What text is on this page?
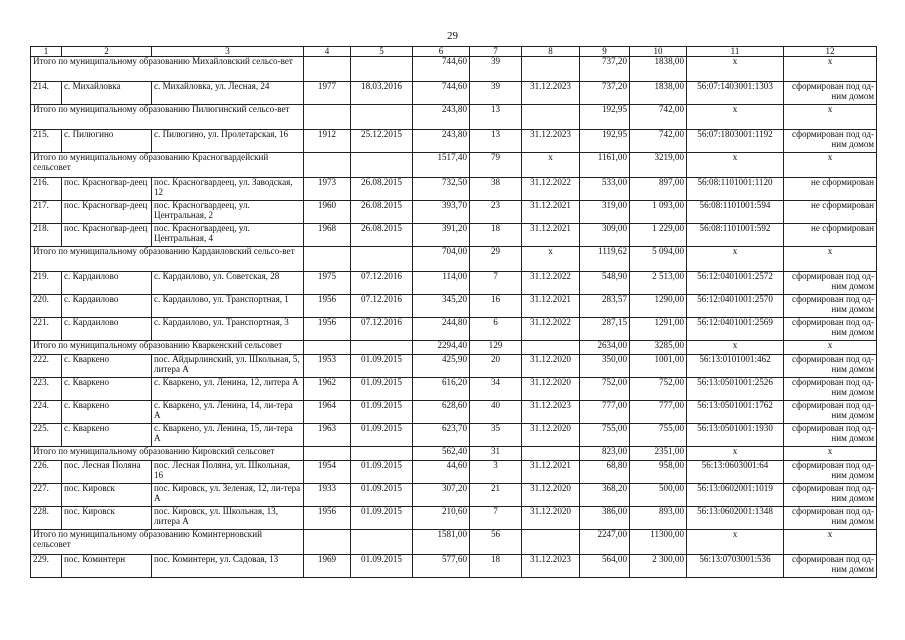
29
1	2	3	4	5	6	7	8	9	10	11	12
Итого по муниципальному образованию Михайловский сельсо-вет					744,60	39		737,20	1838,00	x	x
214.	с. Михайловка	с. Михайловка, ул. Лесная, 24	1977	18.03.2016	744,60	39	31.12.2023	737,20	1838,00	56:07:1403001:1303	сформирован под од-ним домом
Итого по муниципальному образованию Пилюгинский сельсо-вет					243,80	13		192,95	742,00	x	x
215.	с. Пилюгино	с. Пилюгино, ул. Пролетарская, 16	1912	25.12.2015	243,80	13	31.12.2023	192,95	742,00	56:07:1803001:1192	сформирован под од-ним домом
Итого по муниципальному образованию Красногвардейский сельсовет					1517,40	79	x	1161,00	3219,00	x	x
216.	пос. Красногвар-деец	пос. Красногвардеец, ул. Заводская, 12	1973	26.08.2015	732,50	38	31.12.2022	533,00	897,00	56:08:1101001:1120	не сформирован
217.	пос. Красногвар-деец	пос. Красногвардеец, ул. Центральная, 2	1960	26.08.2015	393,70	23	31.12.2021	319,00	1 093,00	56:08:1101001:594	не сформирован
218.	пос. Красногвар-деец	пос. Красногвардеец, ул. Центральная, 4	1968	26.08.2015	391,20	18	31.12.2021	309,00	1 229,00	56:08:1101001:592	не сформирован
Итого по муниципальному образованию Кардаиловский сельсо-вет					704,00	29	x	1119,62	5 094,00	x	x
219.	с. Кардаилово	с. Кардаилово, ул. Советская, 28	1975	07.12.2016	114,00	7	31.12.2022	548,90	2 513,00	56:12:0401001:2572	сформирован под од-ним домом
220.	с. Кардаилово	с. Кардаилово, ул. Транспортная, 1	1956	07.12.2016	345,20	16	31.12.2021	283,57	1290,00	56:12:0401001:2570	сформирован под од-ним домом
221.	с. Кардаилово	с. Кардаилово, ул. Транспортная, 3	1956	07.12.2016	244,80	6	31.12.2022	287,15	1291,00	56:12:0401001:2569	сформирован под од-ним домом
Итого по муниципальному образованию Кваркенский сельсовет					2294,40	129		2634,00	3285,00	x	x
222.	с. Кваркено	пос. Айдырлинский, ул. Школьная, 5, литера А	1953	01.09.2015	425,90	20	31.12.2020	350,00	1001,00	56:13:0101001:462	сформирован под од-ним домом
223.	с. Кваркено	с. Кваркено, ул. Ленина, 12, литера А	1962	01.09.2015	616,20	34	31.12.2020	752,00	752,00	56:13:0501001:2526	сформирован под од-ним домом
224.	с. Кваркено	с. Кваркено, ул. Ленина, 14, ли-тера А	1964	01.09.2015	628,60	40	31.12.2023	777,00	777,00	56:13:0501001:1762	сформирован под од-ним домом
225.	с. Кваркено	с. Кваркено, ул. Ленина, 15, ли-тера А	1963	01.09.2015	623,70	35	31.12.2020	755,00	755,00	56:13:0501001:1930	сформирован под од-ним домом
Итого по муниципальному образованию Кировский сельсовет					562,40	31		823,00	2351,00	x	x
226.	пос. Лесная Поляна	пос. Лесная Поляна, ул. Школьная, 16	1954	01.09.2015	44,60	3	31.12.2021	68,80	958,00	56:13:0603001:64	сформирован под од-ним домом
227.	пос. Кировск	пос. Кировск, ул. Зеленая, 12, ли-тера А	1933	01.09.2015	307,20	21	31.12.2020	368,20	500,00	56:13:0602001:1019	сформирован под од-ним домом
228.	пос. Кировск	пос. Кировск, ул. Школьная, 13, литера А	1956	01.09.2015	210,60	7	31.12.2020	386,00	893,00	56:13:0602001:1348	сформирован под од-ним домом
Итого по муниципальному образованию Коминтерновский сельсовет					1581,00	56		2247,00	11300,00	x	x
229.	пос. Коминтерн	пос. Коминтерн, ул. Садовая, 13	1969	01.09.2015	577,60	18	31.12.2023	564,00	2 300,00	56:13:0703001:536	сформирован под од-ним домом
